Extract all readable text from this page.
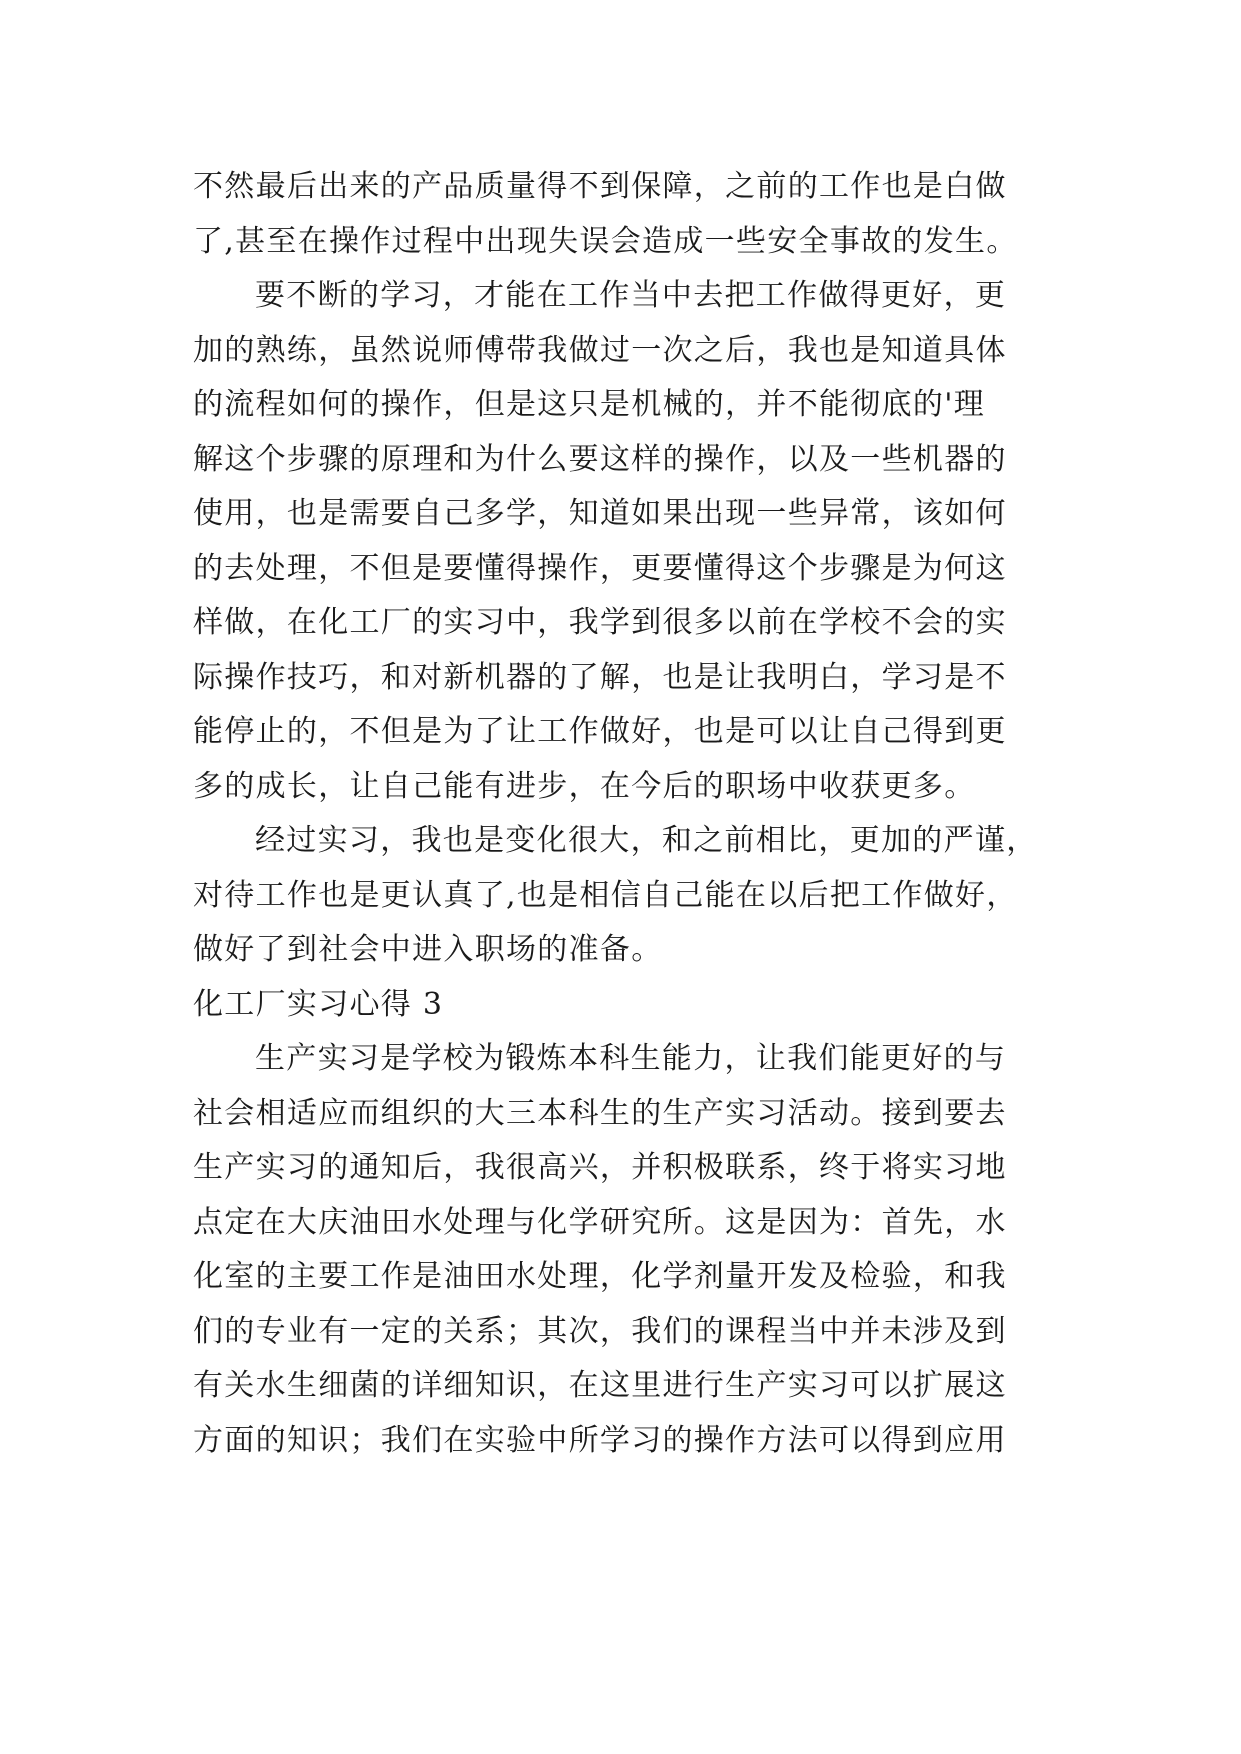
不然最后出来的产品质量得不到保障，之前的工作也是白做
了,甚至在操作过程中出现失误会造成一些安全事故的发生。
要不断的学习，才能在工作当中去把工作做得更好，更
加的熟练，虽然说师傅带我做过一次之后，我也是知道具体
的流程如何的操作，但是这只是机械的，并不能彻底的'理
解这个步骤的原理和为什么要这样的操作，以及一些机器的
使用，也是需要自己多学，知道如果出现一些异常，该如何
的去处理，不但是要懂得操作，更要懂得这个步骤是为何这
样做，在化工厂的实习中，我学到很多以前在学校不会的实
际操作技巧，和对新机器的了解，也是让我明白，学习是不
能停止的，不但是为了让工作做好，也是可以让自己得到更
多的成长，让自己能有进步，在今后的职场中收获更多。
经过实习，我也是变化很大，和之前相比，更加的严谨，
对待工作也是更认真了,也是相信自己能在以后把工作做好，
做好了到社会中进入职场的准备。
化工厂实习心得 3
生产实习是学校为锻炼本科生能力，让我们能更好的与
社会相适应而组织的大三本科生的生产实习活动。接到要去
生产实习的通知后，我很高兴，并积极联系，终于将实习地
点定在大庆油田水处理与化学研究所。这是因为：首先，水
化室的主要工作是油田水处理，化学剂量开发及检验，和我
们的专业有一定的关系；其次，我们的课程当中并未涉及到
有关水生细菌的详细知识，在这里进行生产实习可以扩展这
方面的知识；我们在实验中所学习的操作方法可以得到应用
